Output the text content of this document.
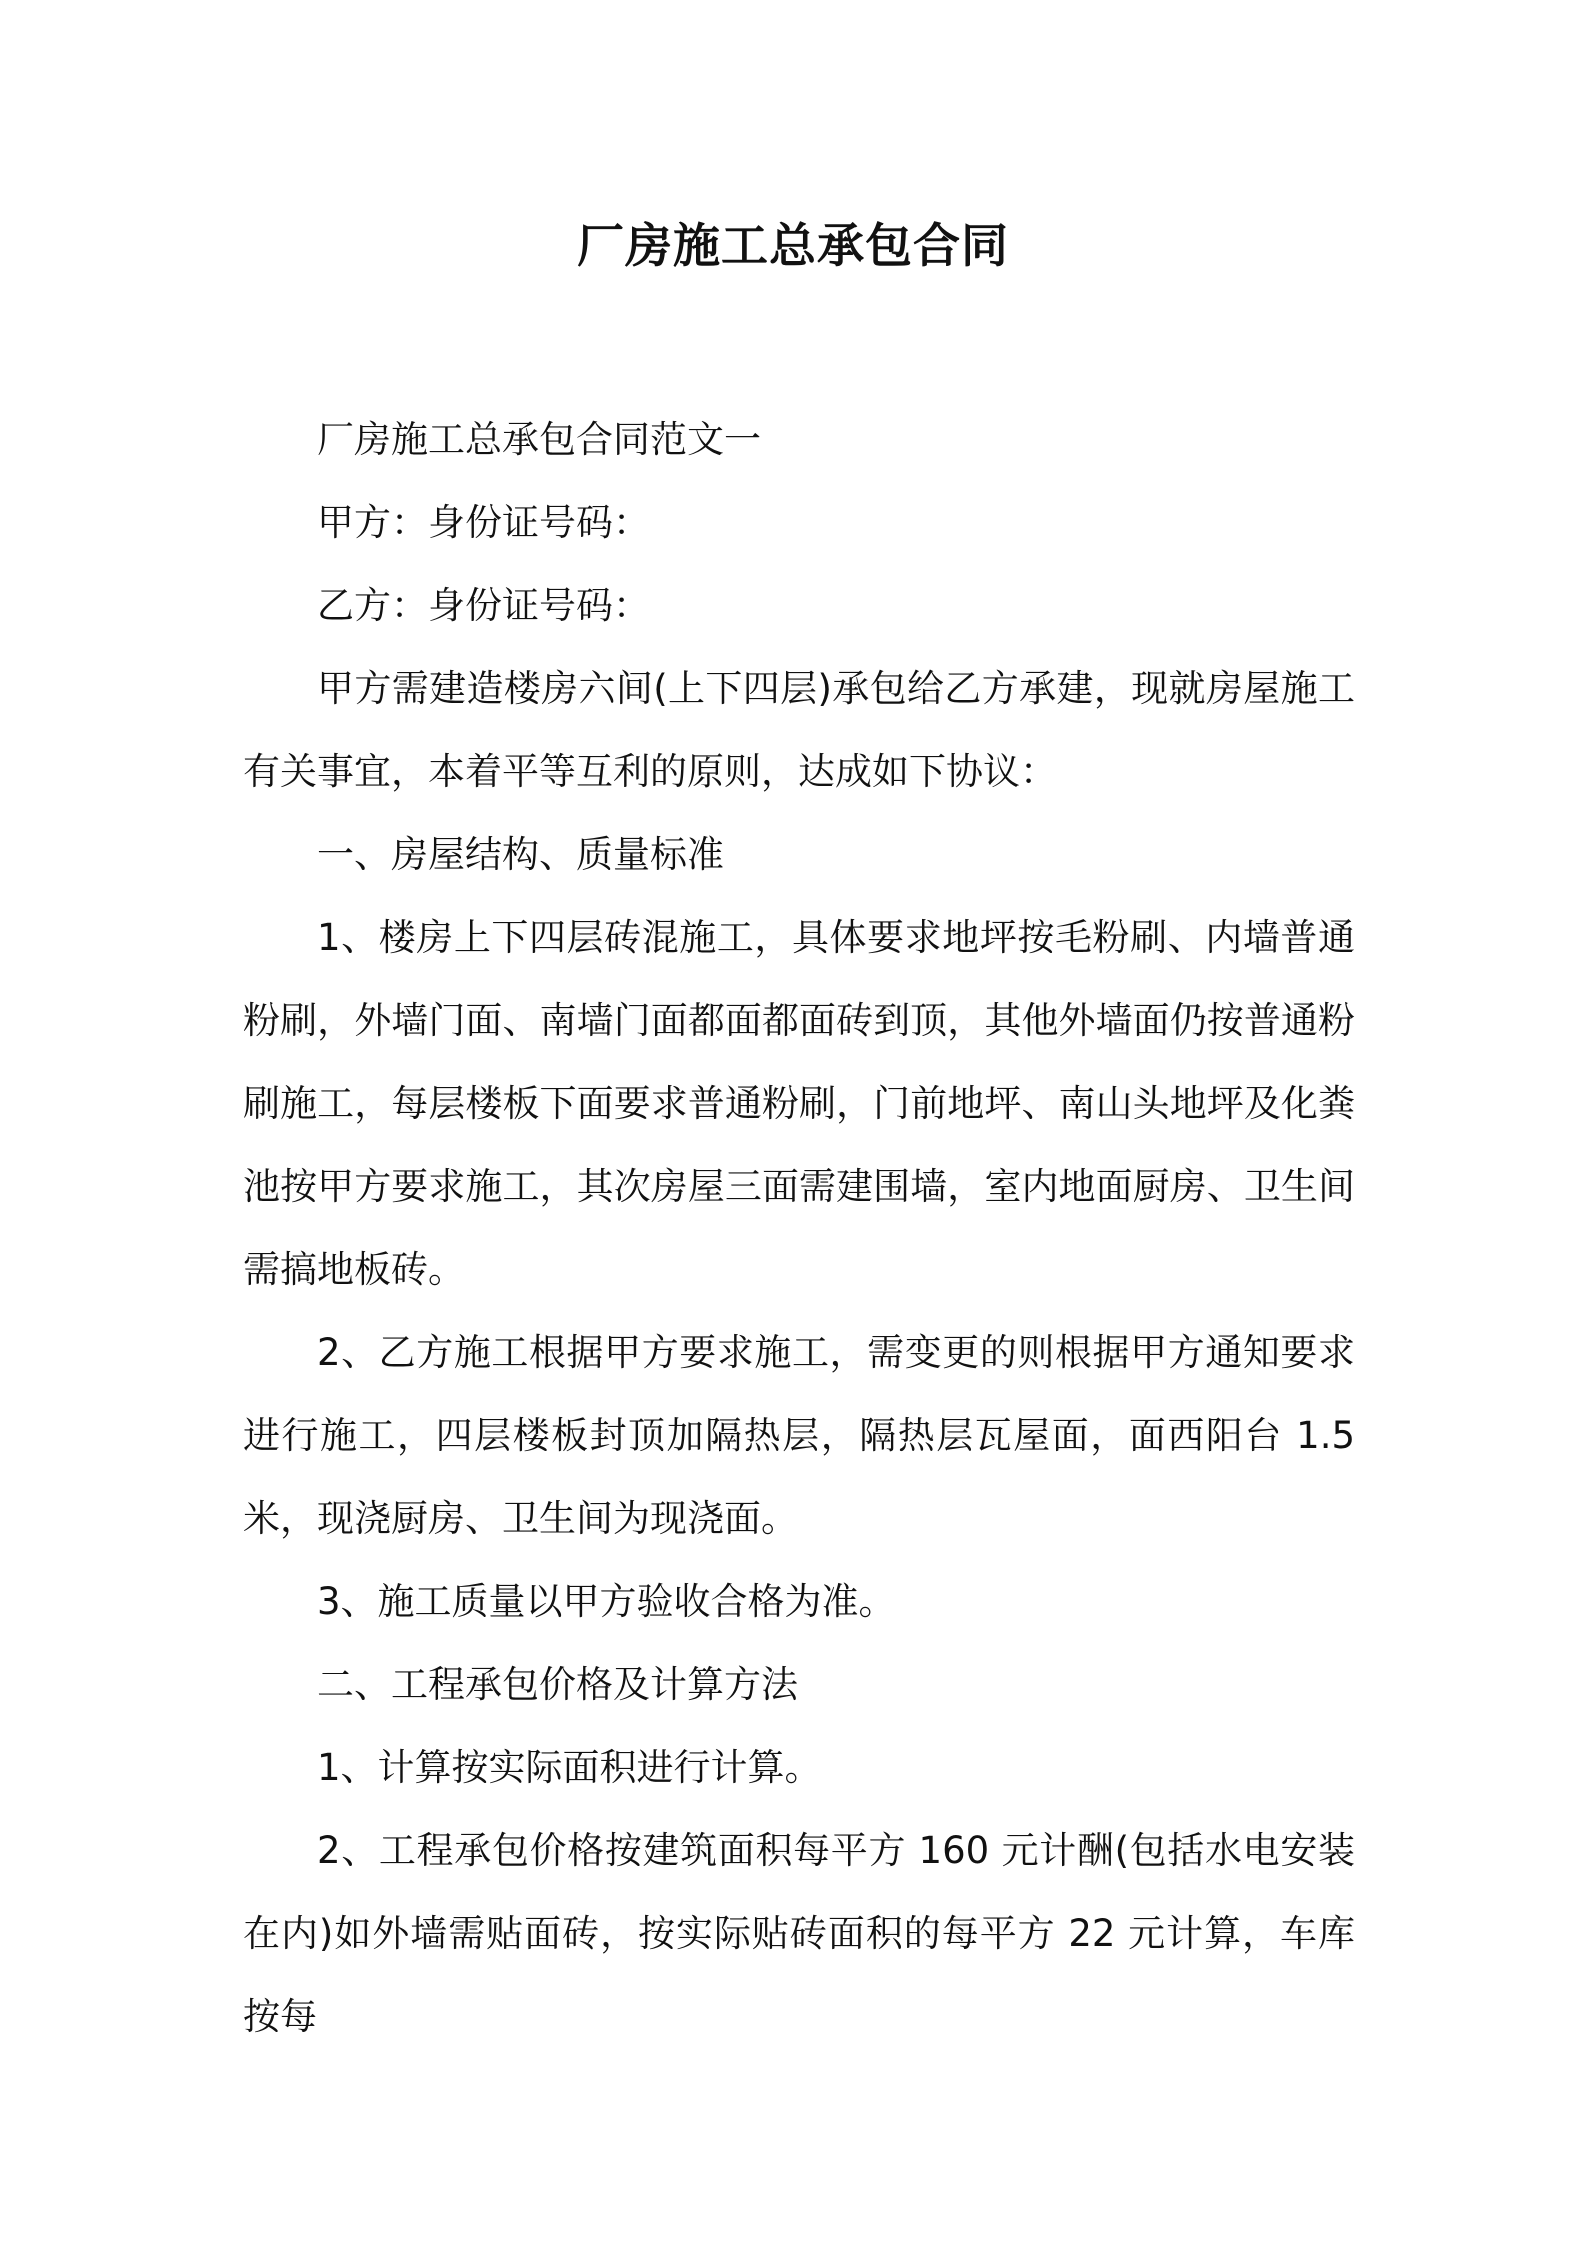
厂房施工总承包合同

厂房施工总承包合同范文一

甲方：身份证号码：

乙方：身份证号码：

甲方需建造楼房六间(上下四层)承包给乙方承建，现就房屋施工有关事宜，本着平等互利的原则，达成如下协议：

一、房屋结构、质量标准

1、楼房上下四层砖混施工，具体要求地坪按毛粉刷、内墙普通粉刷，外墙门面、南墙门面都面都面砖到顶，其他外墙面仍按普通粉刷施工，每层楼板下面要求普通粉刷，门前地坪、南山头地坪及化粪池按甲方要求施工，其次房屋三面需建围墙，室内地面厨房、卫生间需搞地板砖。

2、乙方施工根据甲方要求施工，需变更的则根据甲方通知要求进行施工，四层楼板封顶加隔热层，隔热层瓦屋面，面西阳台 1.5 米，现浇厨房、卫生间为现浇面。

3、施工质量以甲方验收合格为准。

二、工程承包价格及计算方法

1、计算按实际面积进行计算。

2、工程承包价格按建筑面积每平方 160 元计酬(包括水电安装在内)如外墙需贴面砖，按实际贴砖面积的每平方 22 元计算，车库按每
